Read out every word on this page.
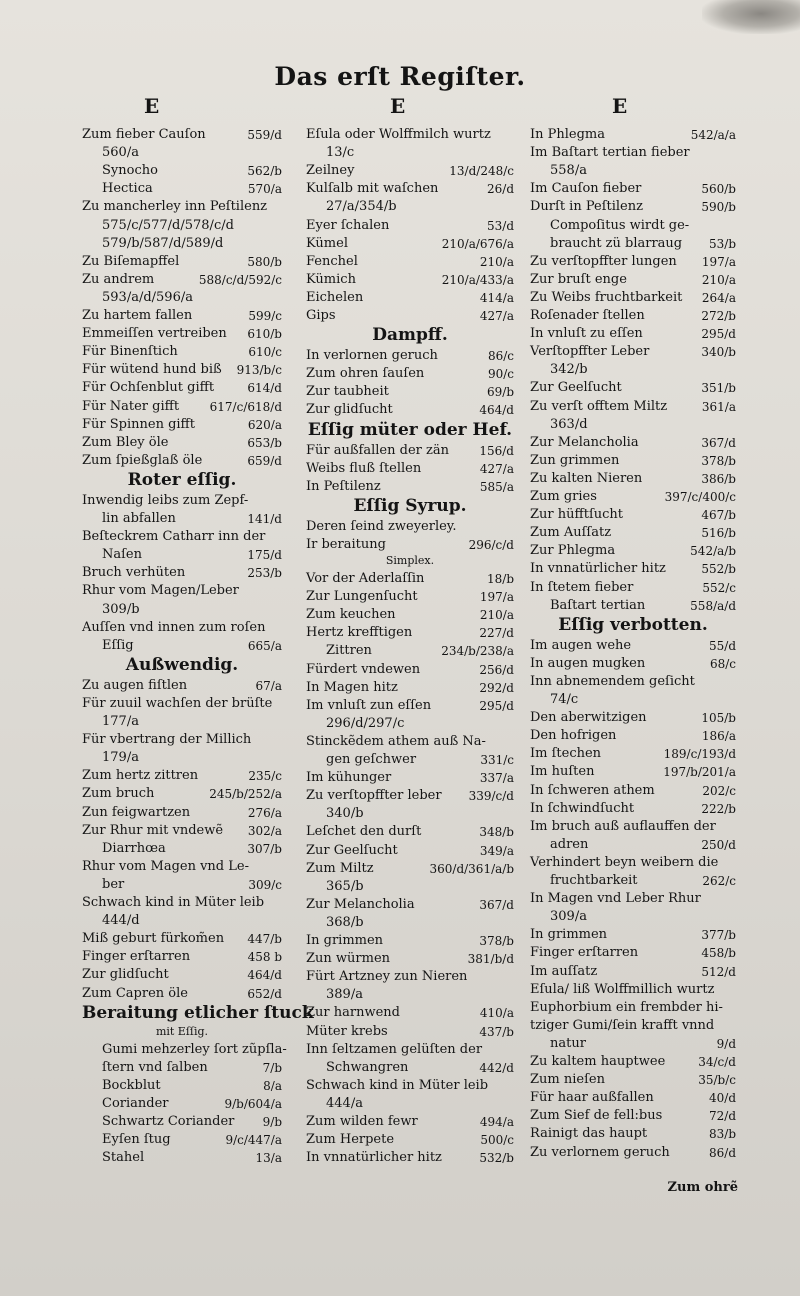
Das erſt Regiſter.
E
Zum fieber Cauſon	559/d
560/a
Synocho	562/b
Hectica	570/a
Zu mancherley inn Peſtilenz
575/c/577/d/578/c/d
579/b/587/d/589/d
Zu Biſemapffel	580/b
Zu andrem	588/c/d/592/c
593/a/d/596/a
Zu hartem fallen	599/c
Emmeiſſen vertreiben 610/b
Für Binenſtich	610/c
Für wütend hund biß 913/b/c
Für Ochſenblut gifft	614/d
Für Nater gifft	617/c/618/d
Für Spinnen gifft	620/a
Zum Bley öle	653/b
Zum ſpießglaß öle	659/d
Roter eſſig.
Inwendig leibs zum Zepf-
lin abfallen	141/d
Beſteckrem Catharr inn der
Naſen	175/d
Bruch verhüten	253/b
Rhur vom Magen/Leber
309/b
Auſſen vnd innen zum roſen
Eſſig	665/a
Außwendig.
Zu augen fiſtlen	67/a
Für zuuil wachſen der brüſte
177/a
Für vbertrang der Millich
179/a
Zum hertz zittren	235/c
Zum bruch	245/b/252/a
Zun feigwartzen	276/a
Zur Rhur mit vndewẽ 302/a
Diarrhœa	307/b
Rhur vom Magen vnd Le-
ber	309/c
Schwach kind in Müter leib
444/d
Miß geburt fürkom̃en 447/b
Finger erſtarren	458 b
Zur glidſucht	464/d
Zum Capren öle	652/d
Beraitung etlicher ſtuck
mit Eſſig.
Gumi mehzerley ſort zũpſla-
ſtern vnd ſalben	7/b
Bockblut	8/a
Coriander	9/b/604/a
Schwartz Coriander 9/b
Eyſen ſtug	9/c/447/a
Stahel	13/a
E
Eſula oder Wolffmilch wurtz
13/c
Zeilney	13/d/248/c
Kulſalb mit waſchen	26/d
27/a/354/b
Eyer ſchalen	53/d
Kümel	210/a/676/a
Fenchel	210/a
Kümich	210/a/433/a
Eichelen	414/a
Gips	427/a
Dampff.
In verlornen geruch	86/c
Zum ohren ſauſen	90/c
Zur taubheit	69/b
Zur glidſucht	464/d
Eſſig müter oder Hef.
Für außfallen der zän	156/d
Weibs fluß ſtellen	427/a
In Peſtilenz	585/a
Eſſig Syrup.
Deren ſeind zweyerley.
Ir beraitung	296/c/d
Simplex.
Vor der Aderlaſſin	18/b
Zur Lungenſucht	197/a
Zum keuchen	210/a
Hertz krefftigen	227/d
Zittren	234/b/238/a
Fürdert vndewen	256/d
In Magen hitz	292/d
Im vnluſt zun eſſen	295/d
296/d/297/c
Stinckẽdem athem auß Na-
gen geſchwer	331/c
Im kühunger	337/a
Zu verſtopffter leber 339/c/d
340/b
Leſchet den durſt	348/b
Zur Geelſucht	349/a
Zum Miltz	360/d/361/a/b
365/b
Zur Melancholia	367/d
368/b
In grimmen	378/b
Zun würmen	381/b/d
Fürt Artzney zun Nieren
389/a
Zur harnwend	410/a
Müter krebs	437/b
Inn ſeltzamen gelüſten der
Schwangren	442/d
Schwach kind in Müter leib
444/a
Zum wilden fewr	494/a
Zum Herpete	500/c
In vnnatürlicher hitz	532/b
E
In Phlegma	542/a/a
Im Baſtart tertian fieber
558/a
Im Cauſon fieber	560/b
Durſt in Peſtilenz	590/b
Compoſitus wirdt ge-
braucht zü blarraug 53/b
Zu verſtopffter lungen 197/a
Zur bruſt enge	210/a
Zu Weibs fruchtbarkeit 264/a
Roſenader ſtellen	272/b
In vnluſt zu eſſen	295/d
Verſtopffter Leber	340/b
342/b
Zur Geelſucht	351/b
Zu verſt offtem Miltz	361/a
363/d
Zur Melancholia	367/d
Zun grimmen	378/b
Zu kalten Nieren	386/b
Zum gries	397/c/400/c
Zur hüfftſucht	467/b
Zum Auſſatz	516/b
Zur Phlegma	542/a/b
In vnnatürlicher hitz	552/b
In ſtetem fieber	552/c
Baſtart tertian	558/a/d
Eſſig verbotten.
Im augen wehe	55/d
In augen mugken	68/c
Inn abnemendem geſicht
74/c
Den aberwitzigen	105/b
Den hofrigen	186/a
Im ſtechen	189/c/193/d
Im huſten	197/b/201/a
In ſchweren athem	202/c
In ſchwindſucht	222/b
Im bruch auß auflauffen der
adren	250/d
Verhindert beyn weibern die
fruchtbarkeit	262/c
In Magen vnd Leber Rhur
309/a
In grimmen	377/b
Finger erſtarren	458/b
Im auſſatz	512/d
Eſula/ liß Wolffmillich wurtz
Euphorbium ein frembder hi-
tziger Gumi/ſein krafft vnnd
natur	9/d
Zu kaltem hauptwee	34/c/d
Zum nieſen	35/b/c
Für haar außfallen	40/d
Zum Sief de fell:bus	72/d
Rainigt das haupt	83/b
Zu verlornem geruch	86/d
Zum ohrẽ
